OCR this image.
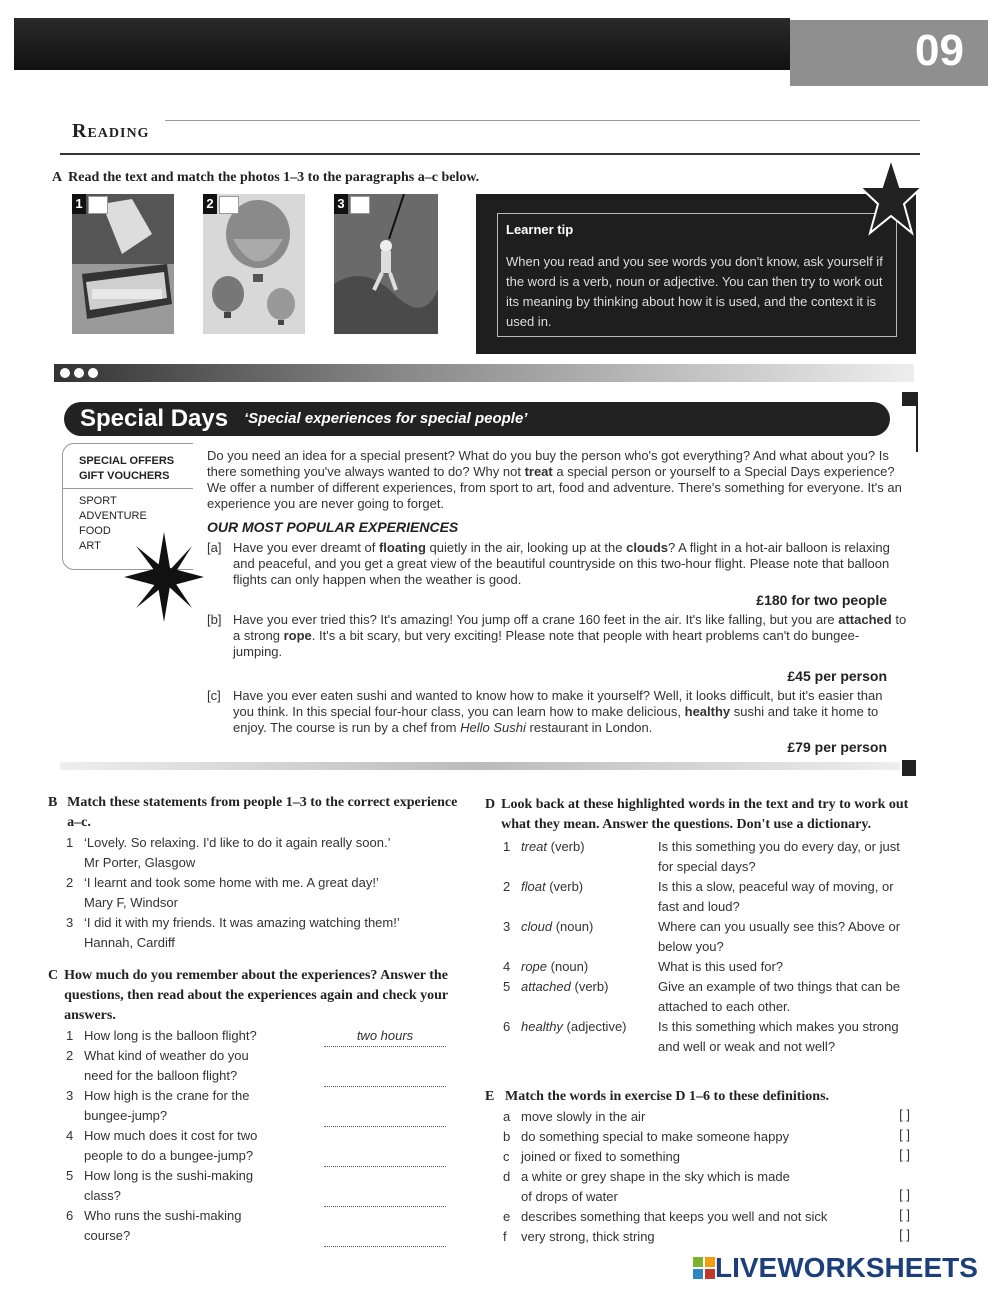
09
Reading
A Read the text and match the photos 1–3 to the paragraphs a–c below.
1	2	3
Learner tip
When you read and you see words you don't know, ask yourself if the word is a verb, noun or adjective. You can then try to work out its meaning by thinking about how it is used, and the context it is used in.
Special Days ‘Special experiences for special people’
SPECIAL OFFERS
GIFT VOUCHERS
SPORT
ADVENTURE
FOOD
ART
Do you need an idea for a special present? What do you buy the person who's got everything? And what about you? Is there something you've always wanted to do? Why not treat a special person or yourself to a Special Days experience? We offer a number of different experiences, from sport to art, food and adventure. There's something for everyone. It's an experience you are never going to forget.
OUR MOST POPULAR EXPERIENCES
[a] Have you ever dreamt of floating quietly in the air, looking up at the clouds? A flight in a hot-air balloon is relaxing and peaceful, and you get a great view of the beautiful countryside on this two-hour flight. Please note that balloon flights can only happen when the weather is good.
£180 for two people
[b] Have you ever tried this? It's amazing! You jump off a crane 160 feet in the air. It's like falling, but you are attached to a strong rope. It's a bit scary, but very exciting! Please note that people with heart problems can't do bungee-jumping.
£45 per person
[c] Have you ever eaten sushi and wanted to know how to make it yourself? Well, it looks difficult, but it's easier than you think. In this special four-hour class, you can learn how to make delicious, healthy sushi and take it home to enjoy. The course is run by a chef from Hello Sushi restaurant in London.
£79 per person
B Match these statements from people 1–3 to the correct experience a–c.
1 ‘Lovely. So relaxing. I'd like to do it again really soon.’
Mr Porter, Glasgow
2 ‘I learnt and took some home with me. A great day!’
Mary F, Windsor
3 ‘I did it with my friends. It was amazing watching them!’
Hannah, Cardiff
C How much do you remember about the experiences? Answer the questions, then read about the experiences again and check your answers.
1 How long is the balloon flight?	two hours
2 What kind of weather do you
need for the balloon flight?

3 How high is the crane for the
bungee-jump?

4 How much does it cost for two
people to do a bungee-jump?

5 How long is the sushi-making
class?

6 Who runs the sushi-making
course?

D Look back at these highlighted words in the text and try to work out what they mean. Answer the questions. Don't use a dictionary.
1 treat (verb)	Is this something you do every day, or just for special days?
2 float (verb)	Is this a slow, peaceful way of moving, or fast and loud?
3 cloud (noun)	Where can you usually see this? Above or below you?
4 rope (noun)	What is this used for?
5 attached (verb)	Give an example of two things that can be attached to each other.
6 healthy (adjective)	Is this something which makes you strong and well or weak and not well?
E Match the words in exercise D 1–6 to these definitions.
a move slowly in the air	[ ]
b do something special to make someone happy	[ ]
c joined or fixed to something	[ ]
d a white or grey shape in the sky which is made
of drops of water	[ ]
e describes something that keeps you well and not sick	[ ]
f	very strong, thick string	[ ]
LIVEWORKSHEETS
